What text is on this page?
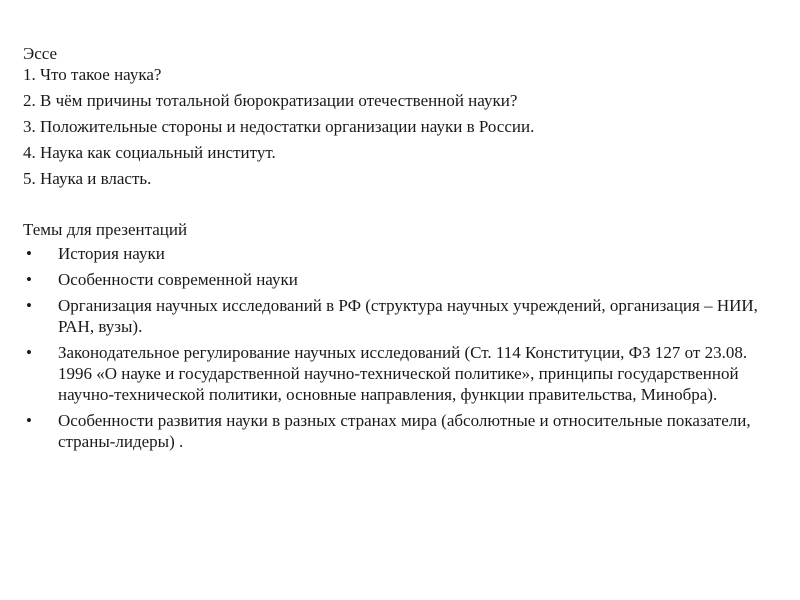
Эссе
1. Что такое наука?
2. В чём причины тотальной бюрократизации отечественной науки?
3. Положительные стороны и недостатки организации науки в России.
4. Наука как социальный институт.
5. Наука и власть.
Темы для презентаций
•	История науки
•	Особенности современной науки
•	Организация научных исследований в РФ (структура научных учреждений, организация – НИИ, РАН, вузы).
•	Законодательное регулирование научных исследований (Ст. 114 Конституции, ФЗ 127 от 23.08. 1996 «О науке и государственной научно-технической политике», принципы государственной научно-технической политики, основные направления, функции правительства, Минобра).
•	Особенности развития науки в разных странах мира (абсолютные и относительные показатели, страны-лидеры) .
